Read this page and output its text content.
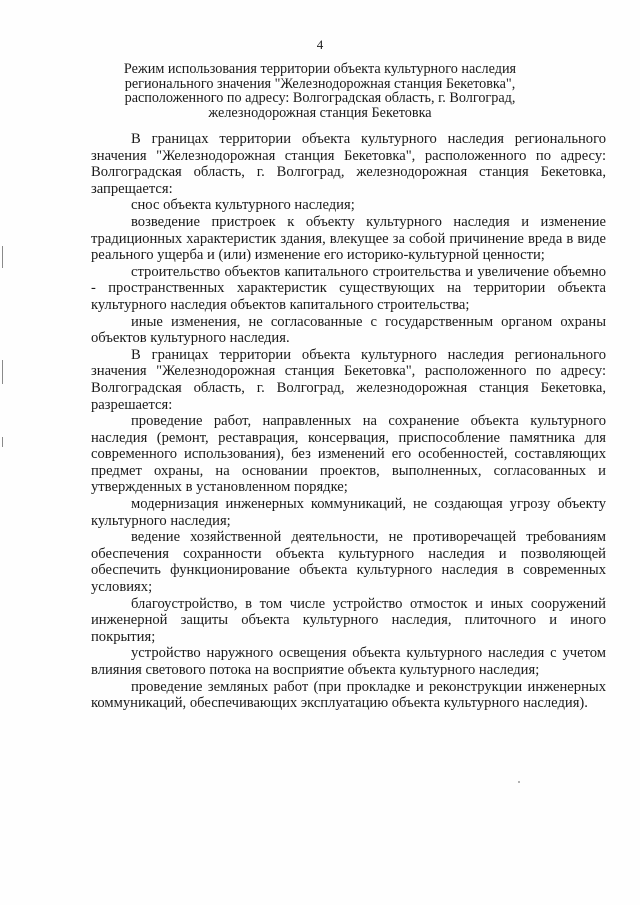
4
Режим использования территории объекта культурного наследия
регионального значения "Железнодорожная станция Бекетовка",
расположенного по адресу: Волгоградская область, г. Волгоград,
железнодорожная станция Бекетовка

В границах территории объекта культурного наследия регионального значения "Железнодорожная станция Бекетовка", расположенного по адресу: Волгоградская область, г. Волгоград, железнодорожная станция Бекетовка, запрещается:

снос объекта культурного наследия;

возведение пристроек к объекту культурного наследия и изменение традиционных характеристик здания, влекущее за собой причинение вреда в виде реального ущерба и (или) изменение его историко-культурной ценности;

строительство объектов капитального строительства и увеличение объемно - пространственных характеристик существующих на территории объекта культурного наследия объектов капитального строительства;

иные изменения, не согласованные с государственным органом охраны объектов культурного наследия.

В границах территории объекта культурного наследия регионального значения "Железнодорожная станция Бекетовка", расположенного по адресу: Волгоградская область, г. Волгоград, железнодорожная станция Бекетовка, разрешается:

проведение работ, направленных на сохранение объекта культурного наследия (ремонт, реставрация, консервация, приспособление памятника для современного использования), без изменений его особенностей, составляющих предмет охраны, на основании проектов, выполненных, согласованных и утвержденных в установленном порядке;

модернизация инженерных коммуникаций, не создающая угрозу объекту культурного наследия;

ведение хозяйственной деятельности, не противоречащей требованиям обеспечения сохранности объекта культурного наследия и позволяющей обеспечить функционирование объекта культурного наследия в современных условиях;

благоустройство, в том числе устройство отмосток и иных сооружений инженерной защиты объекта культурного наследия, плиточного и иного покрытия;

устройство наружного освещения объекта культурного наследия с учетом влияния светового потока на восприятие объекта культурного наследия;

проведение земляных работ (при прокладке и реконструкции инженерных коммуникаций, обеспечивающих эксплуатацию объекта культурного наследия).
